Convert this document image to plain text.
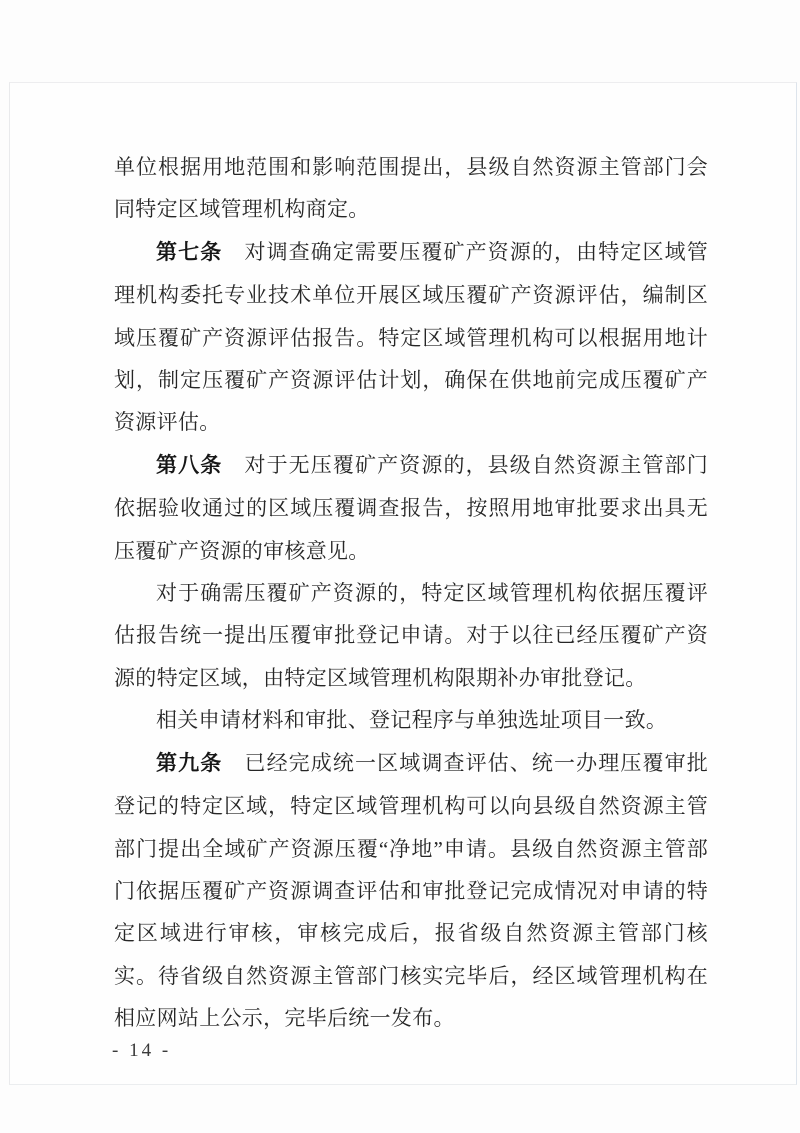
单位根据用地范围和影响范围提出，县级自然资源主管部门会同特定区域管理机构商定。

第七条　对调查确定需要压覆矿产资源的，由特定区域管理机构委托专业技术单位开展区域压覆矿产资源评估，编制区域压覆矿产资源评估报告。特定区域管理机构可以根据用地计划，制定压覆矿产资源评估计划，确保在供地前完成压覆矿产资源评估。

第八条　对于无压覆矿产资源的，县级自然资源主管部门依据验收通过的区域压覆调查报告，按照用地审批要求出具无压覆矿产资源的审核意见。

对于确需压覆矿产资源的，特定区域管理机构依据压覆评估报告统一提出压覆审批登记申请。对于以往已经压覆矿产资源的特定区域，由特定区域管理机构限期补办审批登记。

相关申请材料和审批、登记程序与单独选址项目一致。

第九条　已经完成统一区域调查评估、统一办理压覆审批登记的特定区域，特定区域管理机构可以向县级自然资源主管部门提出全域矿产资源压覆“净地”申请。县级自然资源主管部门依据压覆矿产资源调查评估和审批登记完成情况对申请的特定区域进行审核，审核完成后，报省级自然资源主管部门核实。待省级自然资源主管部门核实完毕后，经区域管理机构在相应网站上公示，完毕后统一发布。

- 14 -
